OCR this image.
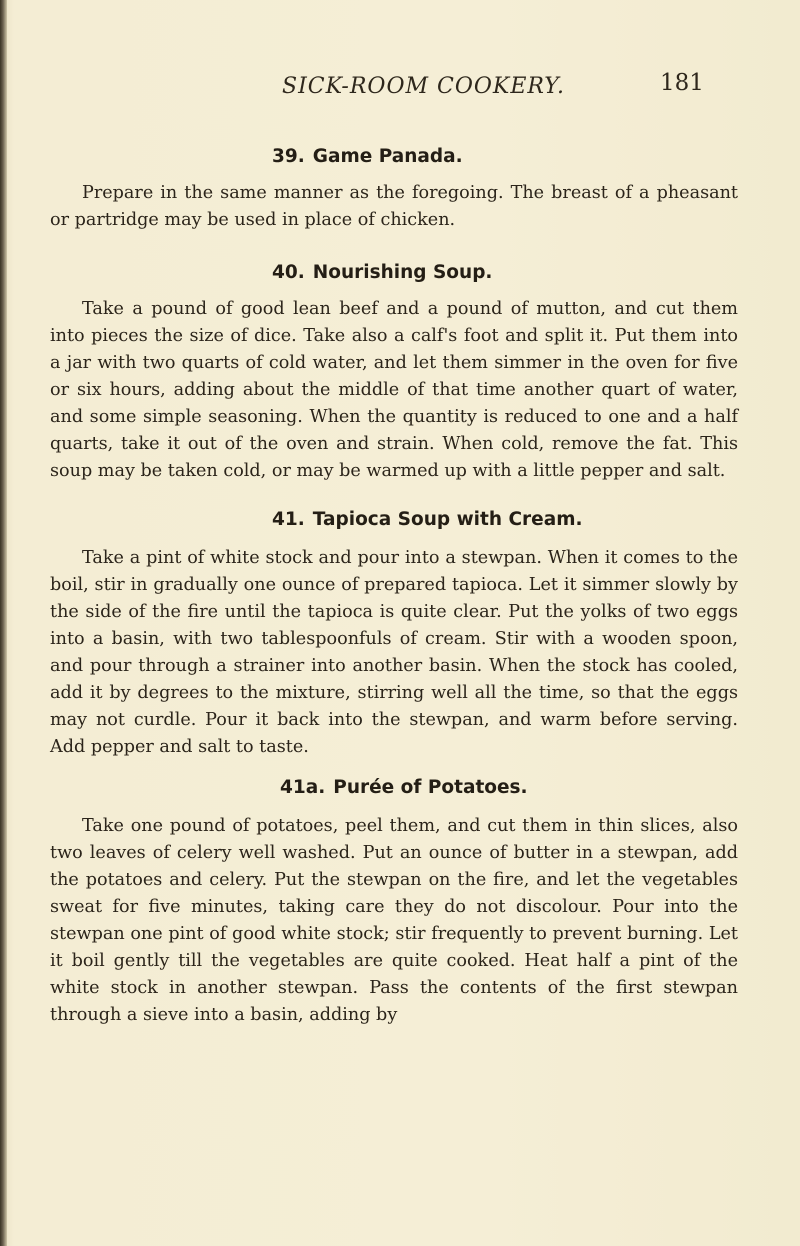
SICK-ROOM COOKERY.	181
39. Game Panada.

Prepare in the same manner as the foregoing. The breast of a pheasant or partridge may be used in place of chicken.

40. Nourishing Soup.

Take a pound of good lean beef and a pound of mutton, and cut them into pieces the size of dice. Take also a calf's foot and split it. Put them into a jar with two quarts of cold water, and let them simmer in the oven for five or six hours, adding about the middle of that time another quart of water, and some simple seasoning. When the quantity is reduced to one and a half quarts, take it out of the oven and strain. When cold, remove the fat. This soup may be taken cold, or may be warmed up with a little pepper and salt.

41. Tapioca Soup with Cream.

Take a pint of white stock and pour into a stewpan. When it comes to the boil, stir in gradually one ounce of prepared tapioca. Let it simmer slowly by the side of the fire until the tapioca is quite clear. Put the yolks of two eggs into a basin, with two tablespoonfuls of cream. Stir with a wooden spoon, and pour through a strainer into another basin. When the stock has cooled, add it by degrees to the mixture, stirring well all the time, so that the eggs may not curdle. Pour it back into the stewpan, and warm before serving. Add pepper and salt to taste.

41a. Purée of Potatoes.

Take one pound of potatoes, peel them, and cut them in thin slices, also two leaves of celery well washed. Put an ounce of butter in a stewpan, add the potatoes and celery. Put the stewpan on the fire, and let the vegetables sweat for five minutes, taking care they do not discolour. Pour into the stewpan one pint of good white stock; stir frequently to prevent burning. Let it boil gently till the vegetables are quite cooked. Heat half a pint of the white stock in another stewpan. Pass the contents of the first stewpan through a sieve into a basin, adding by
